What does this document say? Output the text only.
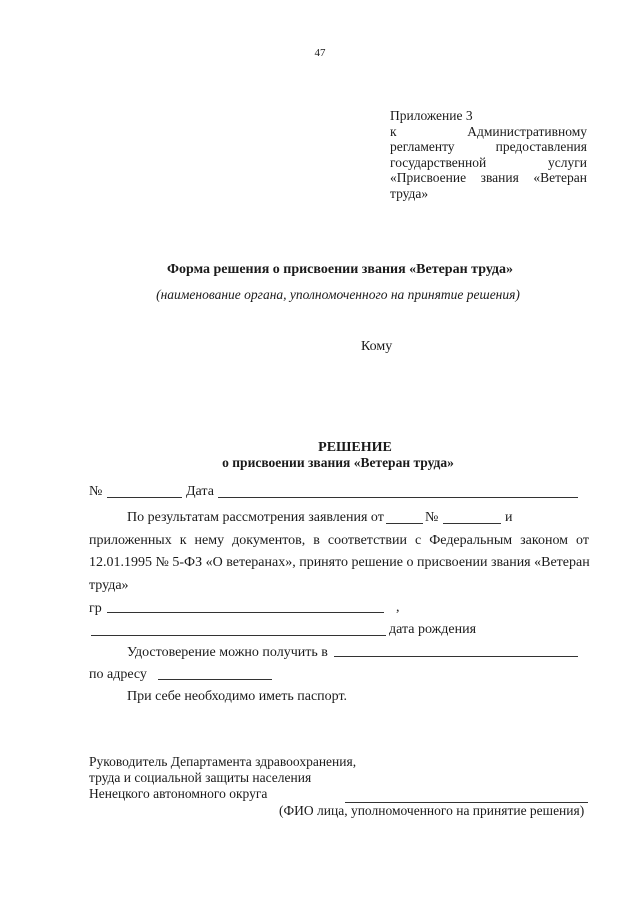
47
Приложение 3
к Административному
регламенту предоставления
государственной услуги
«Присвоение звания «Ветеран
труда»
Форма решения о присвоении звания «Ветеран труда»
(наименование органа, уполномоченного на принятие решения)
Кому
РЕШЕНИЕ
о присвоении звания «Ветеран труда»
№	Дата
По результатам рассмотрения заявления от	№	и
приложенных к нему документов, в соответствии с Федеральным законом от
12.01.1995 № 5-ФЗ «О ветеранах», принято решение о присвоении звания «Ветеран
труда»
гр	,
дата рождения
Удостоверение можно получить в
по адресу
При себе необходимо иметь паспорт.
Руководитель Департамента здравоохранения,
труда и социальной защиты населения
Ненецкого автономного округа
(ФИО лица, уполномоченного на принятие решения)
